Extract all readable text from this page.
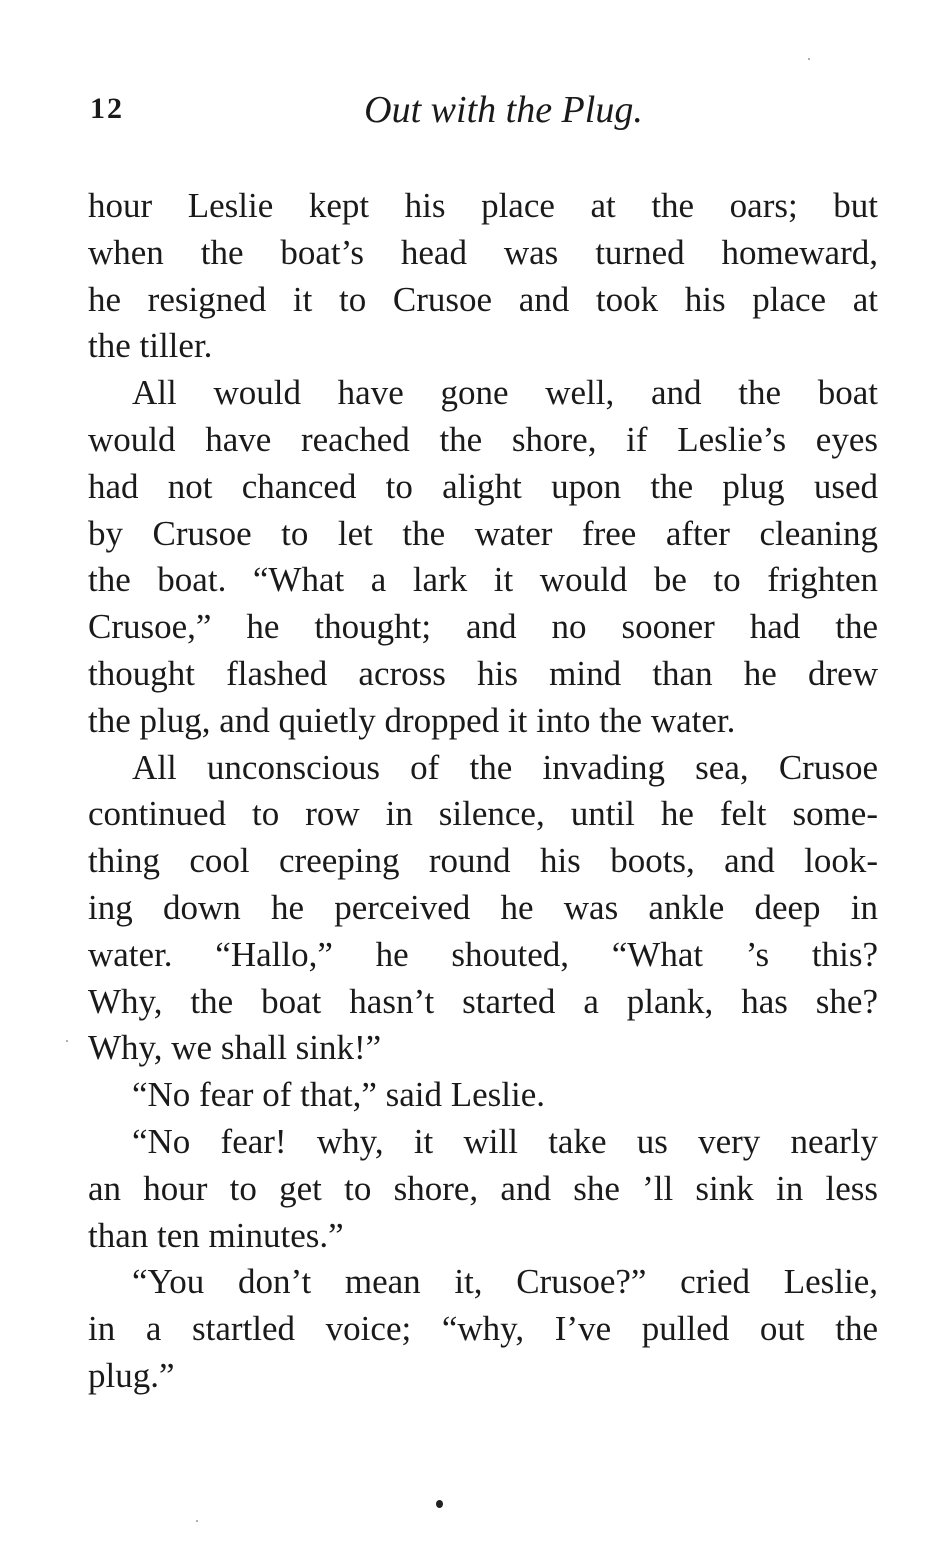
12	Out with the Plug.

hour Leslie kept his place at the oars; but
when the boat’s head was turned homeward,
he resigned it to Crusoe and took his place at
the tiller.

All would have gone well, and the boat
would have reached the shore, if Leslie’s eyes
had not chanced to alight upon the plug used
by Crusoe to let the water free after cleaning
the boat. “What a lark it would be to frighten
Crusoe,” he thought; and no sooner had the
thought flashed across his mind than he drew
the plug, and quietly dropped it into the water.

All unconscious of the invading sea, Crusoe
continued to row in silence, until he felt some-
thing cool creeping round his boots, and look-
ing down he perceived he was ankle deep in
water. “Hallo,” he shouted, “What ’s this?
Why, the boat hasn’t started a plank, has she?
Why, we shall sink!”

“No fear of that,” said Leslie.

“No fear! why, it will take us very nearly
an hour to get to shore, and she ’ll sink in less
than ten minutes.”

“You don’t mean it, Crusoe?” cried Leslie,
in a startled voice; “why, I’ve pulled out the
plug.”
